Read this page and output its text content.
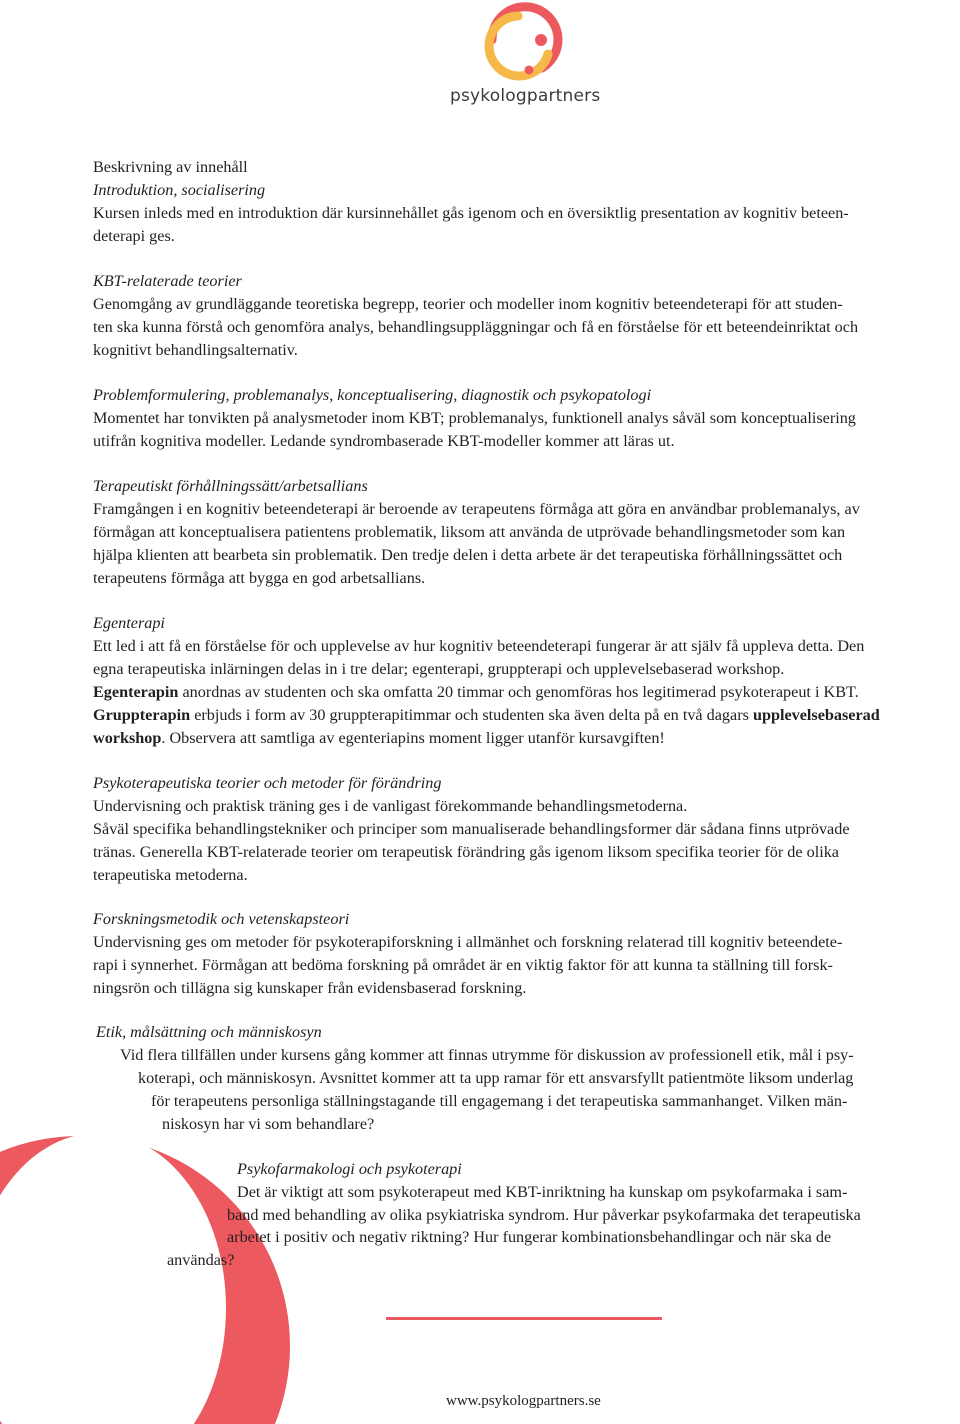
psykologpartners
Beskrivning av innehåll
Introduktion, socialisering
Kursen inleds med en introduktion där kursinnehållet gås igenom och en översiktlig presentation av kognitiv beteen-
deterapi ges.
KBT-relaterade teorier
Genomgång av grundläggande teoretiska begrepp, teorier och modeller inom kognitiv beteendeterapi för att studen-
ten ska kunna förstå och genomföra analys, behandlingsuppläggningar och få en förståelse för ett beteendeinriktat och
kognitivt behandlingsalternativ.
Problemformulering, problemanalys, konceptualisering, diagnostik och psykopatologi
Momentet har tonvikten på analysmetoder inom KBT; problemanalys, funktionell analys såväl som konceptualisering
utifrån kognitiva modeller. Ledande syndrombaserade KBT-modeller kommer att läras ut.
Terapeutiskt förhållningssätt/arbetsallians
Framgången i en kognitiv beteendeterapi är beroende av terapeutens förmåga att göra en användbar problemanalys, av
förmågan att konceptualisera patientens problematik, liksom att använda de utprövade behandlingsmetoder som kan
hjälpa klienten att bearbeta sin problematik. Den tredje delen i detta arbete är det terapeutiska förhållningssättet och
terapeutens förmåga att bygga en god arbetsallians.
Egenterapi
Ett led i att få en förståelse för och upplevelse av hur kognitiv beteendeterapi fungerar är att själv få uppleva detta. Den
egna terapeutiska inlärningen delas in i tre delar; egenterapi, gruppterapi och upplevelsebaserad workshop.
Egenterapin anordnas av studenten och ska omfatta 20 timmar och genomföras hos legitimerad psykoterapeut i KBT.
Gruppterapin erbjuds i form av 30 gruppterapitimmar och studenten ska även delta på en två dagars upplevelsebaserad
workshop. Observera att samtliga av egenteriapins moment ligger utanför kursavgiften!
Psykoterapeutiska teorier och metoder för förändring
Undervisning och praktisk träning ges i de vanligast förekommande behandlingsmetoderna.
Såväl specifika behandlingstekniker och principer som manualiserade behandlingsformer där sådana finns utprövade
tränas. Generella KBT-relaterade teorier om terapeutisk förändring gås igenom liksom specifika teorier för de olika
terapeutiska metoderna.
Forskningsmetodik och vetenskapsteori
Undervisning ges om metoder för psykoterapiforskning i allmänhet och forskning relaterad till kognitiv beteendete-
rapi i synnerhet. Förmågan att bedöma forskning på området är en viktig faktor för att kunna ta ställning till forsk-
ningsrön och tillägna sig kunskaper från evidensbaserad forskning.
Etik, målsättning och människosyn
Vid flera tillfällen under kursens gång kommer att finnas utrymme för diskussion av professionell etik, mål i psy-
koterapi, och människosyn. Avsnittet kommer att ta upp ramar för ett ansvarsfyllt patientmöte liksom underlag
för terapeutens personliga ställningstagande till engagemang i det terapeutiska sammanhanget. Vilken män-
niskosyn har vi som behandlare?
Psykofarmakologi och psykoterapi
Det är viktigt att som psykoterapeut med KBT-inriktning ha kunskap om psykofarmaka i sam-
band med behandling av olika psykiatriska syndrom. Hur påverkar psykofarmaka det terapeutiska
arbetet i positiv och negativ riktning? Hur fungerar kombinationsbehandlingar och när ska de
användas?
www.psykologpartners.se
